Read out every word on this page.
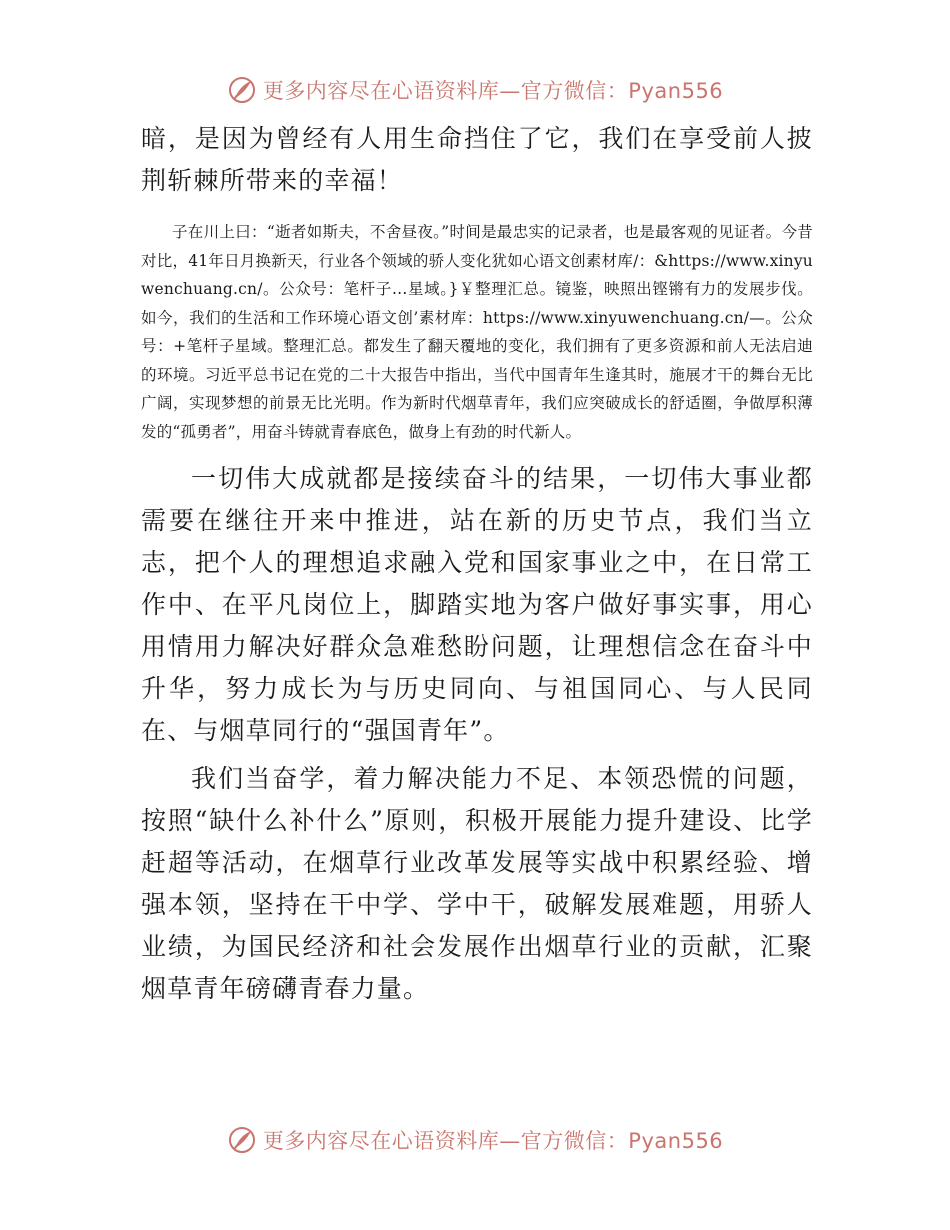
更多内容尽在心语资料库—官方微信：Pyan556

暗，是因为曾经有人用生命挡住了它，我们在享受前人披荆斩棘所带来的幸福！

子在川上曰：“逝者如斯夫，不舍昼夜。”时间是最忠实的记录者，也是最客观的见证者。今昔对比，41年日月换新天，行业各个领域的骄人变化犹如心语文创素材库/：&https://www.xinyuwenchuang.cn/。公众号：笔杆子…星域。}￥整理汇总。镜鉴，映照出铿锵有力的发展步伐。如今，我们的生活和工作环境心语文创’素材库：https://www.xinyuwenchuang.cn/—。公众号：+笔杆子星域。整理汇总。都发生了翻天覆地的变化，我们拥有了更多资源和前人无法启迪的环境。习近平总书记在党的二十大报告中指出，当代中国青年生逢其时，施展才干的舞台无比广阔，实现梦想的前景无比光明。作为新时代烟草青年，我们应突破成长的舒适圈，争做厚积薄发的“孤勇者”，用奋斗铸就青春底色，做身上有劲的时代新人。

一切伟大成就都是接续奋斗的结果，一切伟大事业都需要在继往开来中推进，站在新的历史节点，我们当立志，把个人的理想追求融入党和国家事业之中，在日常工作中、在平凡岗位上，脚踏实地为客户做好事实事，用心用情用力解决好群众急难愁盼问题，让理想信念在奋斗中升华，努力成长为与历史同向、与祖国同心、与人民同在、与烟草同行的“强国青年”。

我们当奋学，着力解决能力不足、本领恐慌的问题，按照“缺什么补什么”原则，积极开展能力提升建设、比学赶超等活动，在烟草行业改革发展等实战中积累经验、增强本领，坚持在干中学、学中干，破解发展难题，用骄人业绩，为国民经济和社会发展作出烟草行业的贡献，汇聚烟草青年磅礴青春力量。

更多内容尽在心语资料库—官方微信：Pyan556
